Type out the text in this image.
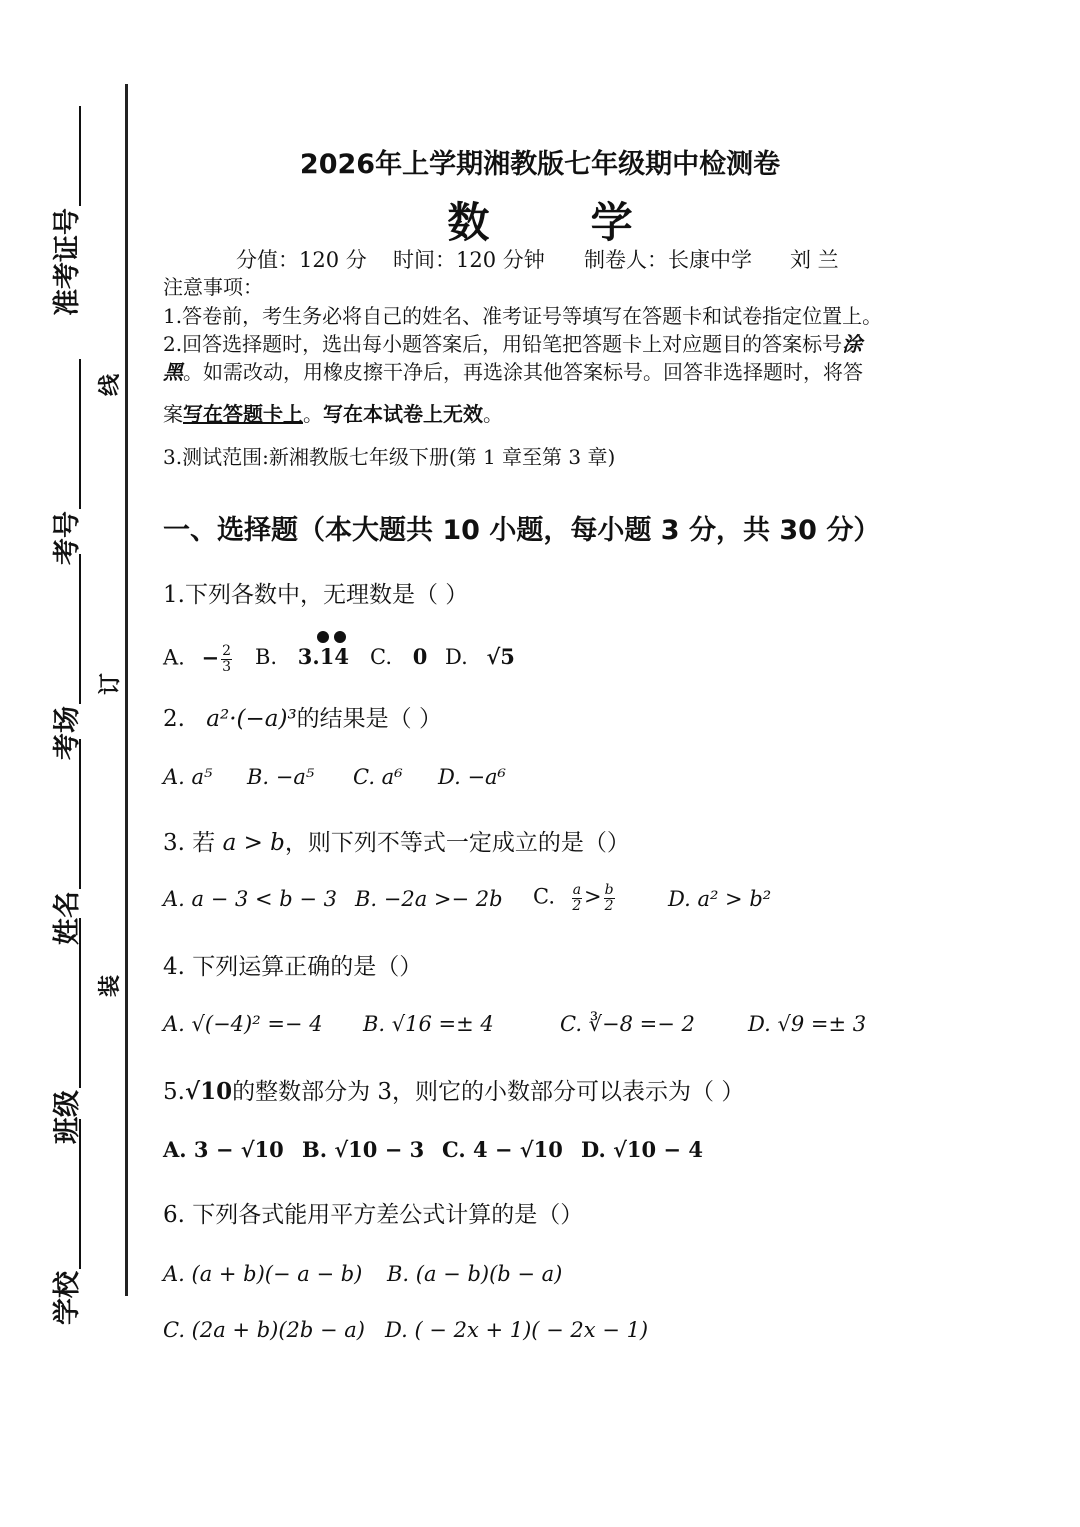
准考证号
考号
考场
姓名
班级
学校
线
订
装
2026年上学期湘教版七年级期中检测卷
数 学
分值：120 分 时间：120 分钟 制卷人：长康中学 刘 兰
注意事项：
1.答卷前，考生务必将自己的姓名、准考证号等填写在答题卡和试卷指定位置上。
2.回答选择题时，选出每小题答案后，用铅笔把答题卡上对应题目的答案标号涂
黑。如需改动，用橡皮擦干净后，再选涂其他答案标号。回答非选择题时，将答
案写在答题卡上。写在本试卷上无效。
3.测试范围:新湘教版七年级下册(第 1 章至第 3 章)
一、选择题（本大题共 10 小题，每小题 3 分，共 30 分）
1.下列各数中，无理数是（ ）
A. − $\frac{2}{3} B$. 3.14 C. 0 D. √5
2. a²·(−a)³的结果是（ ）
A. a⁵ B. −a⁵ C. a⁶ D. −a⁶
3. 若 a > b，则下列不等式一定成立的是（）
A. a − 3 < b − 3 B. −2a >− 2b C. $\frac{a}{2} > \frac{b}{2}$	D. a² > b²
4. 下列运算正确的是（）
A. √(−4)² =− 4 B. √16 =± 4	C. ∛−8 =− 2	D. √9 =± 3
5.√10的整数部分为 3，则它的小数部分可以表示为（ ）
A. 3 − √10 B. √10 − 3 C. 4 − √10 D. √10 − 4
6. 下列各式能用平方差公式计算的是（）
A. (a + b)(− a − b) B. (a − b)(b − a)
C. (2a + b)(2b − a) D. ( − 2x + 1)( − 2x − 1)
